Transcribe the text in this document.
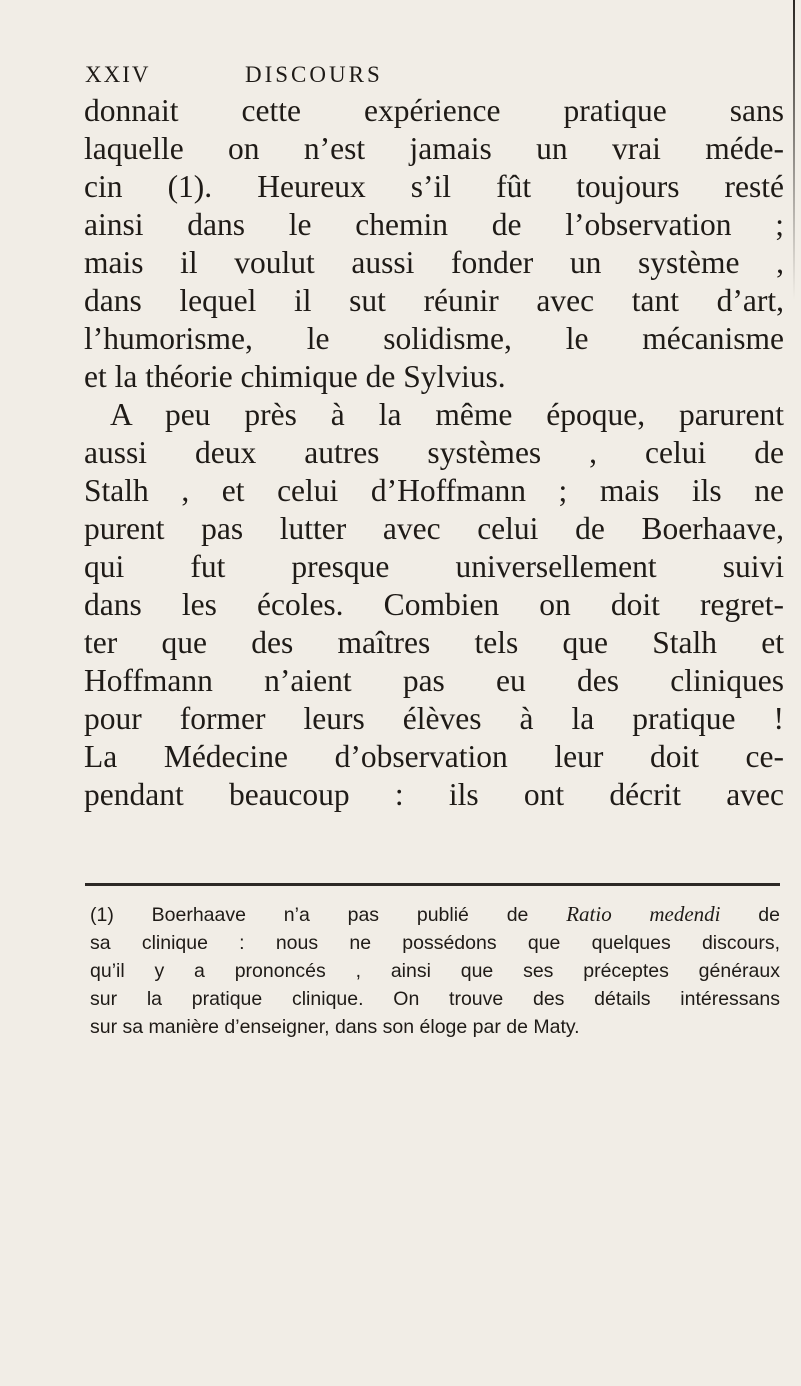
XXIV	DISCOURS
donnait cette expérience pratique sans
laquelle on n’est jamais un vrai méde-
cin (1). Heureux s’il fût toujours resté
ainsi dans le chemin de l’observation ;
mais il voulut aussi fonder un système ,
dans lequel il sut réunir avec tant d’art,
l’humorisme, le solidisme, le mécanisme
et la théorie chimique de Sylvius.
A peu près à la même époque, parurent
aussi deux autres systèmes , celui de
Stalh , et celui d’Hoffmann ; mais ils ne
purent pas lutter avec celui de Boerhaave,
qui fut presque universellement suivi
dans les écoles. Combien on doit regret-
ter que des maîtres tels que Stalh et
Hoffmann n’aient pas eu des cliniques
pour former leurs élèves à la pratique !
La Médecine d’observation leur doit ce-
pendant beaucoup : ils ont décrit avec
(1) Boerhaave n’a pas publié de Ratio medendi de
sa clinique : nous ne possédons que quelques discours,
qu’il y a prononcés , ainsi que ses préceptes généraux
sur la pratique clinique. On trouve des détails intéressans
sur sa manière d’enseigner, dans son éloge par de Maty.
